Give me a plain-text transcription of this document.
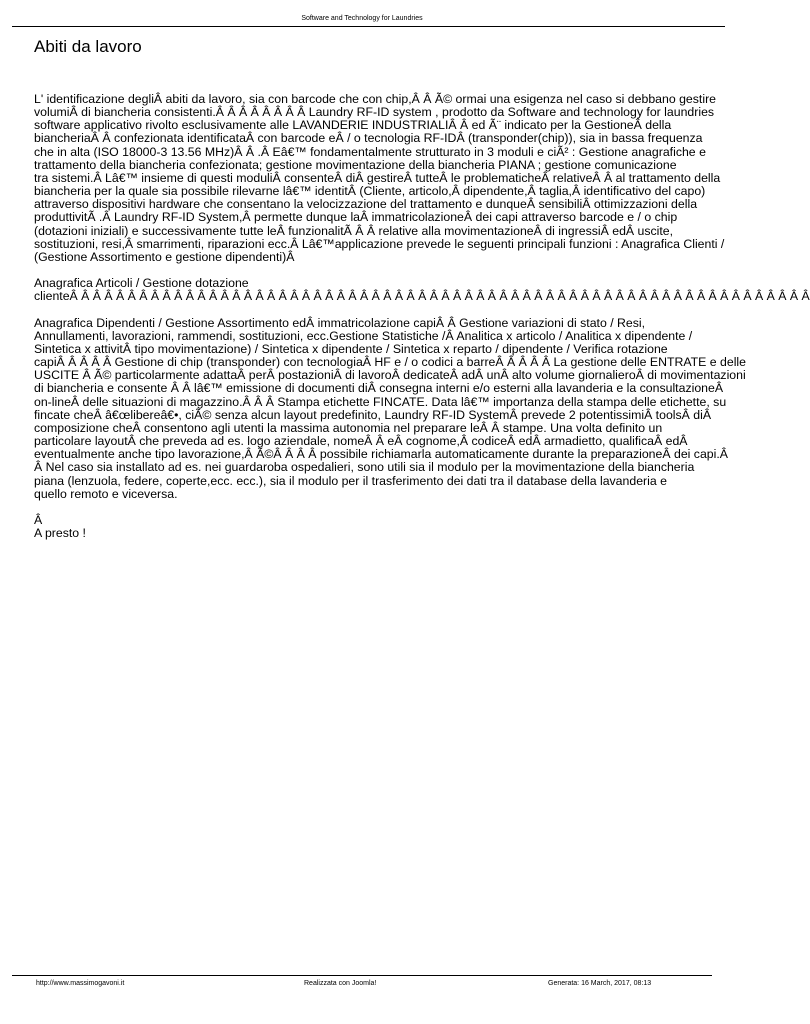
Software and Technology for Laundries
Abiti da lavoro
L' identificazione degliÂ abiti da lavoro, sia con barcode che con chip,Â Â Ã© ormai una esigenza nel caso si debbano gestire
volumiÂ di biancheria consistenti.Â Â Â Â Â Â Â Â Laundry RF-ID system , prodotto da Software and technology for laundries
software applicativo rivolto esclusivamente alle LAVANDERIE INDUSTRIALIÂ Â ed Ã¨ indicato per la GestioneÂ della
biancheriaÂ Â confezionata identificataÂ con barcode eÂ / o tecnologia RF-IDÂ (transponder(chip)), sia in bassa frequenza
che in alta (ISO 18000-3 13.56 MHz)Â Â .Â Eâ€™ fondamentalmente strutturato in 3 moduli e ciÃ² : Gestione anagrafiche e
trattamento della biancheria confezionata; gestione movimentazione della biancheria PIANA ; gestione comunicazione
tra sistemi.Â Lâ€™ insieme di questi moduliÂ consenteÂ diÂ gestireÂ tutteÂ le problematicheÂ relativeÂ Â al trattamento della
biancheria per la quale sia possibile rilevarne lâ€™ identitÂ (Cliente, articolo,Â dipendente,Â taglia,Â identificativo del capo)
attraverso dispositivi hardware che consentano la velocizzazione del trattamento e dunqueÂ sensibiliÂ ottimizzazioni della
produttivitÃ .Â Laundry RF-ID System,Â permette dunque laÂ immatricolazioneÂ dei capi attraverso barcode e / o chip
(dotazioni iniziali) e successivamente tutte leÂ funzionalitÃ Â Â relative alla movimentazioneÂ di ingressiÂ edÂ uscite,
sostituzioni, resi,Â smarrimenti, riparazioni ecc.Â Lâ€™applicazione prevede le seguenti principali funzioni : Anagrafica Clienti /
(Gestione Assortimento e gestione dipendenti)Â
Anagrafica Articoli / Gestione dotazione
clienteÂ Â Â Â Â Â Â Â Â Â Â Â Â Â Â Â Â Â Â Â Â Â Â Â Â Â Â Â Â Â Â Â Â Â Â Â Â Â Â Â Â Â Â Â Â Â Â Â Â Â Â Â Â Â Â Â Â Â Â Â Â Â Â Â
Anagrafica Dipendenti / Gestione Assortimento edÂ immatricolazione capiÂ Â Gestione variazioni di stato / Resi,
Annullamenti, lavorazioni, rammendi, sostituzioni, ecc.Gestione Statistiche /Â Analitica x articolo / Analitica x dipendente /
Sintetica x attivitÂ tipo movimentazione) / Sintetica x dipendente / Sintetica x reparto / dipendente / Verifica rotazione
capiÂ Â Â Â Â Gestione di chip (transponder) con tecnologiaÂ HF e / o codici a barreÂ Â Â Â Â La gestione delle ENTRATE e delle
USCITE Â Ã© particolarmente adattaÂ perÂ postazioniÂ di lavoroÂ dedicateÂ adÂ unÂ alto volume giornalieroÂ di movimentazioni
di biancheria e consente Â Â lâ€™ emissione di documenti diÂ consegna interni e/o esterni alla lavanderia e la consultazioneÂ
on-lineÂ delle situazioni di magazzino.Â Â Â Stampa etichette FINCATE. Data lâ€™ importanza della stampa delle etichette, su
fincate cheÂ â€œlibereâ€•, ciÃ© senza alcun layout predefinito, Laundry RF-ID SystemÂ prevede 2 potentissimiÂ toolsÂ diÂ
composizione cheÂ consentono agli utenti la massima autonomia nel preparare leÂ Â stampe. Una volta definito un
particolare layoutÂ che preveda ad es. logo aziendale, nomeÂ Â eÂ cognome,Â codiceÂ edÂ armadietto, qualificaÂ edÂ
eventualmente anche tipo lavorazione,Â Ã©Â Â Â Â possibile richiamarla automaticamente durante la preparazioneÂ dei capi.Â
Â Nel caso sia installato ad es. nei guardaroba ospedalieri, sono utili sia il modulo per la movimentazione della biancheria
piana (lenzuola, federe, coperte,ecc. ecc.), sia il modulo per il trasferimento dei dati tra il database della lavanderia e
quello remoto e viceversa.
Â
A presto !
http://www.massimogavoni.it	Realizzata con Joomla!	Generata: 16 March, 2017, 08:13
